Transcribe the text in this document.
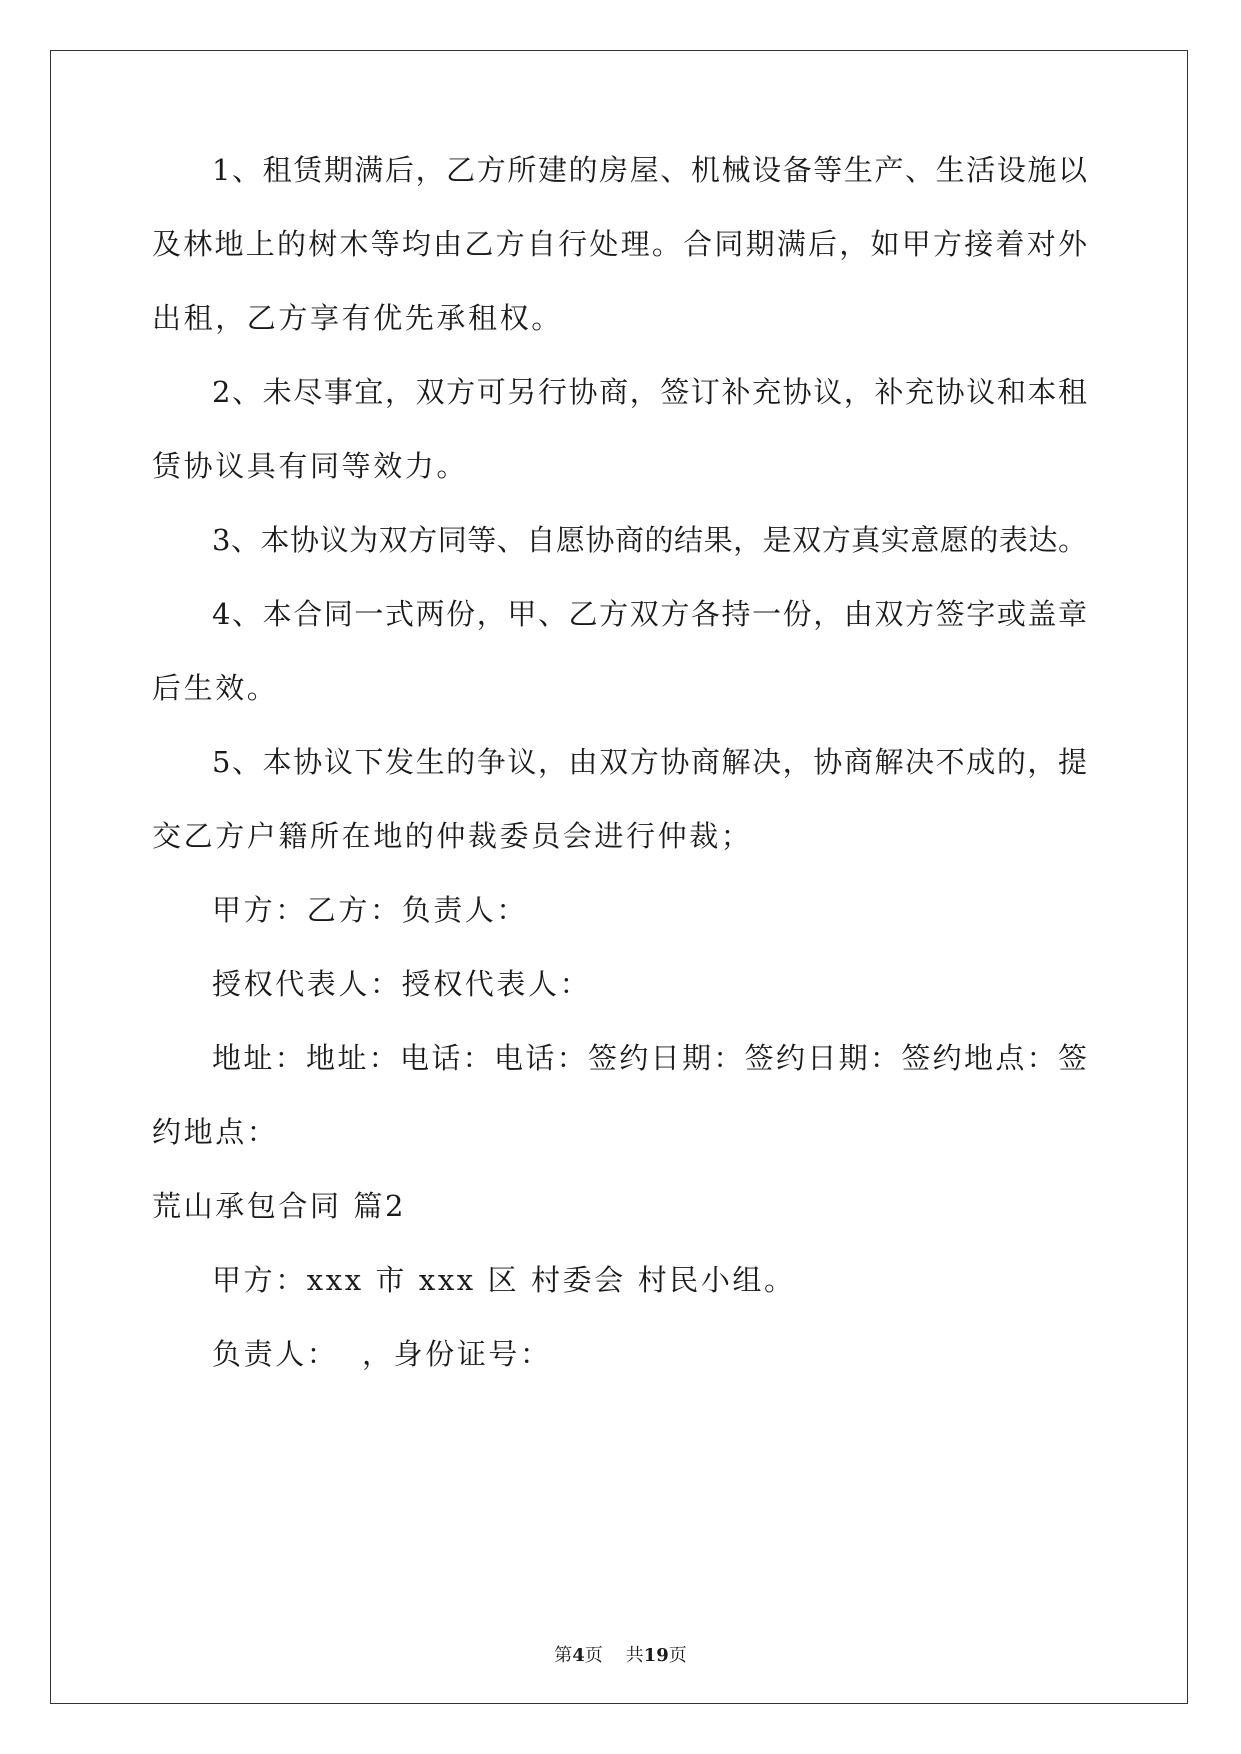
1、租赁期满后，乙方所建的房屋、机械设备等生产、生活设施以
及林地上的树木等均由乙方自行处理。合同期满后，如甲方接着对外
出租，乙方享有优先承租权。
2、未尽事宜，双方可另行协商，签订补充协议，补充协议和本租
赁协议具有同等效力。
3、本协议为双方同等、自愿协商的结果，是双方真实意愿的表达。
4、本合同一式两份，甲、乙方双方各持一份，由双方签字或盖章
后生效。
5、本协议下发生的争议，由双方协商解决，协商解决不成的，提
交乙方户籍所在地的仲裁委员会进行仲裁；
甲方：乙方：负责人：
授权代表人：授权代表人：
地址：地址：电话：电话：签约日期：签约日期：签约地点：签
约地点：
荒山承包合同 篇2
甲方：xxx 市 xxx 区 村委会 村民小组。
负责人：  ，身份证号：
第4页 共19页
